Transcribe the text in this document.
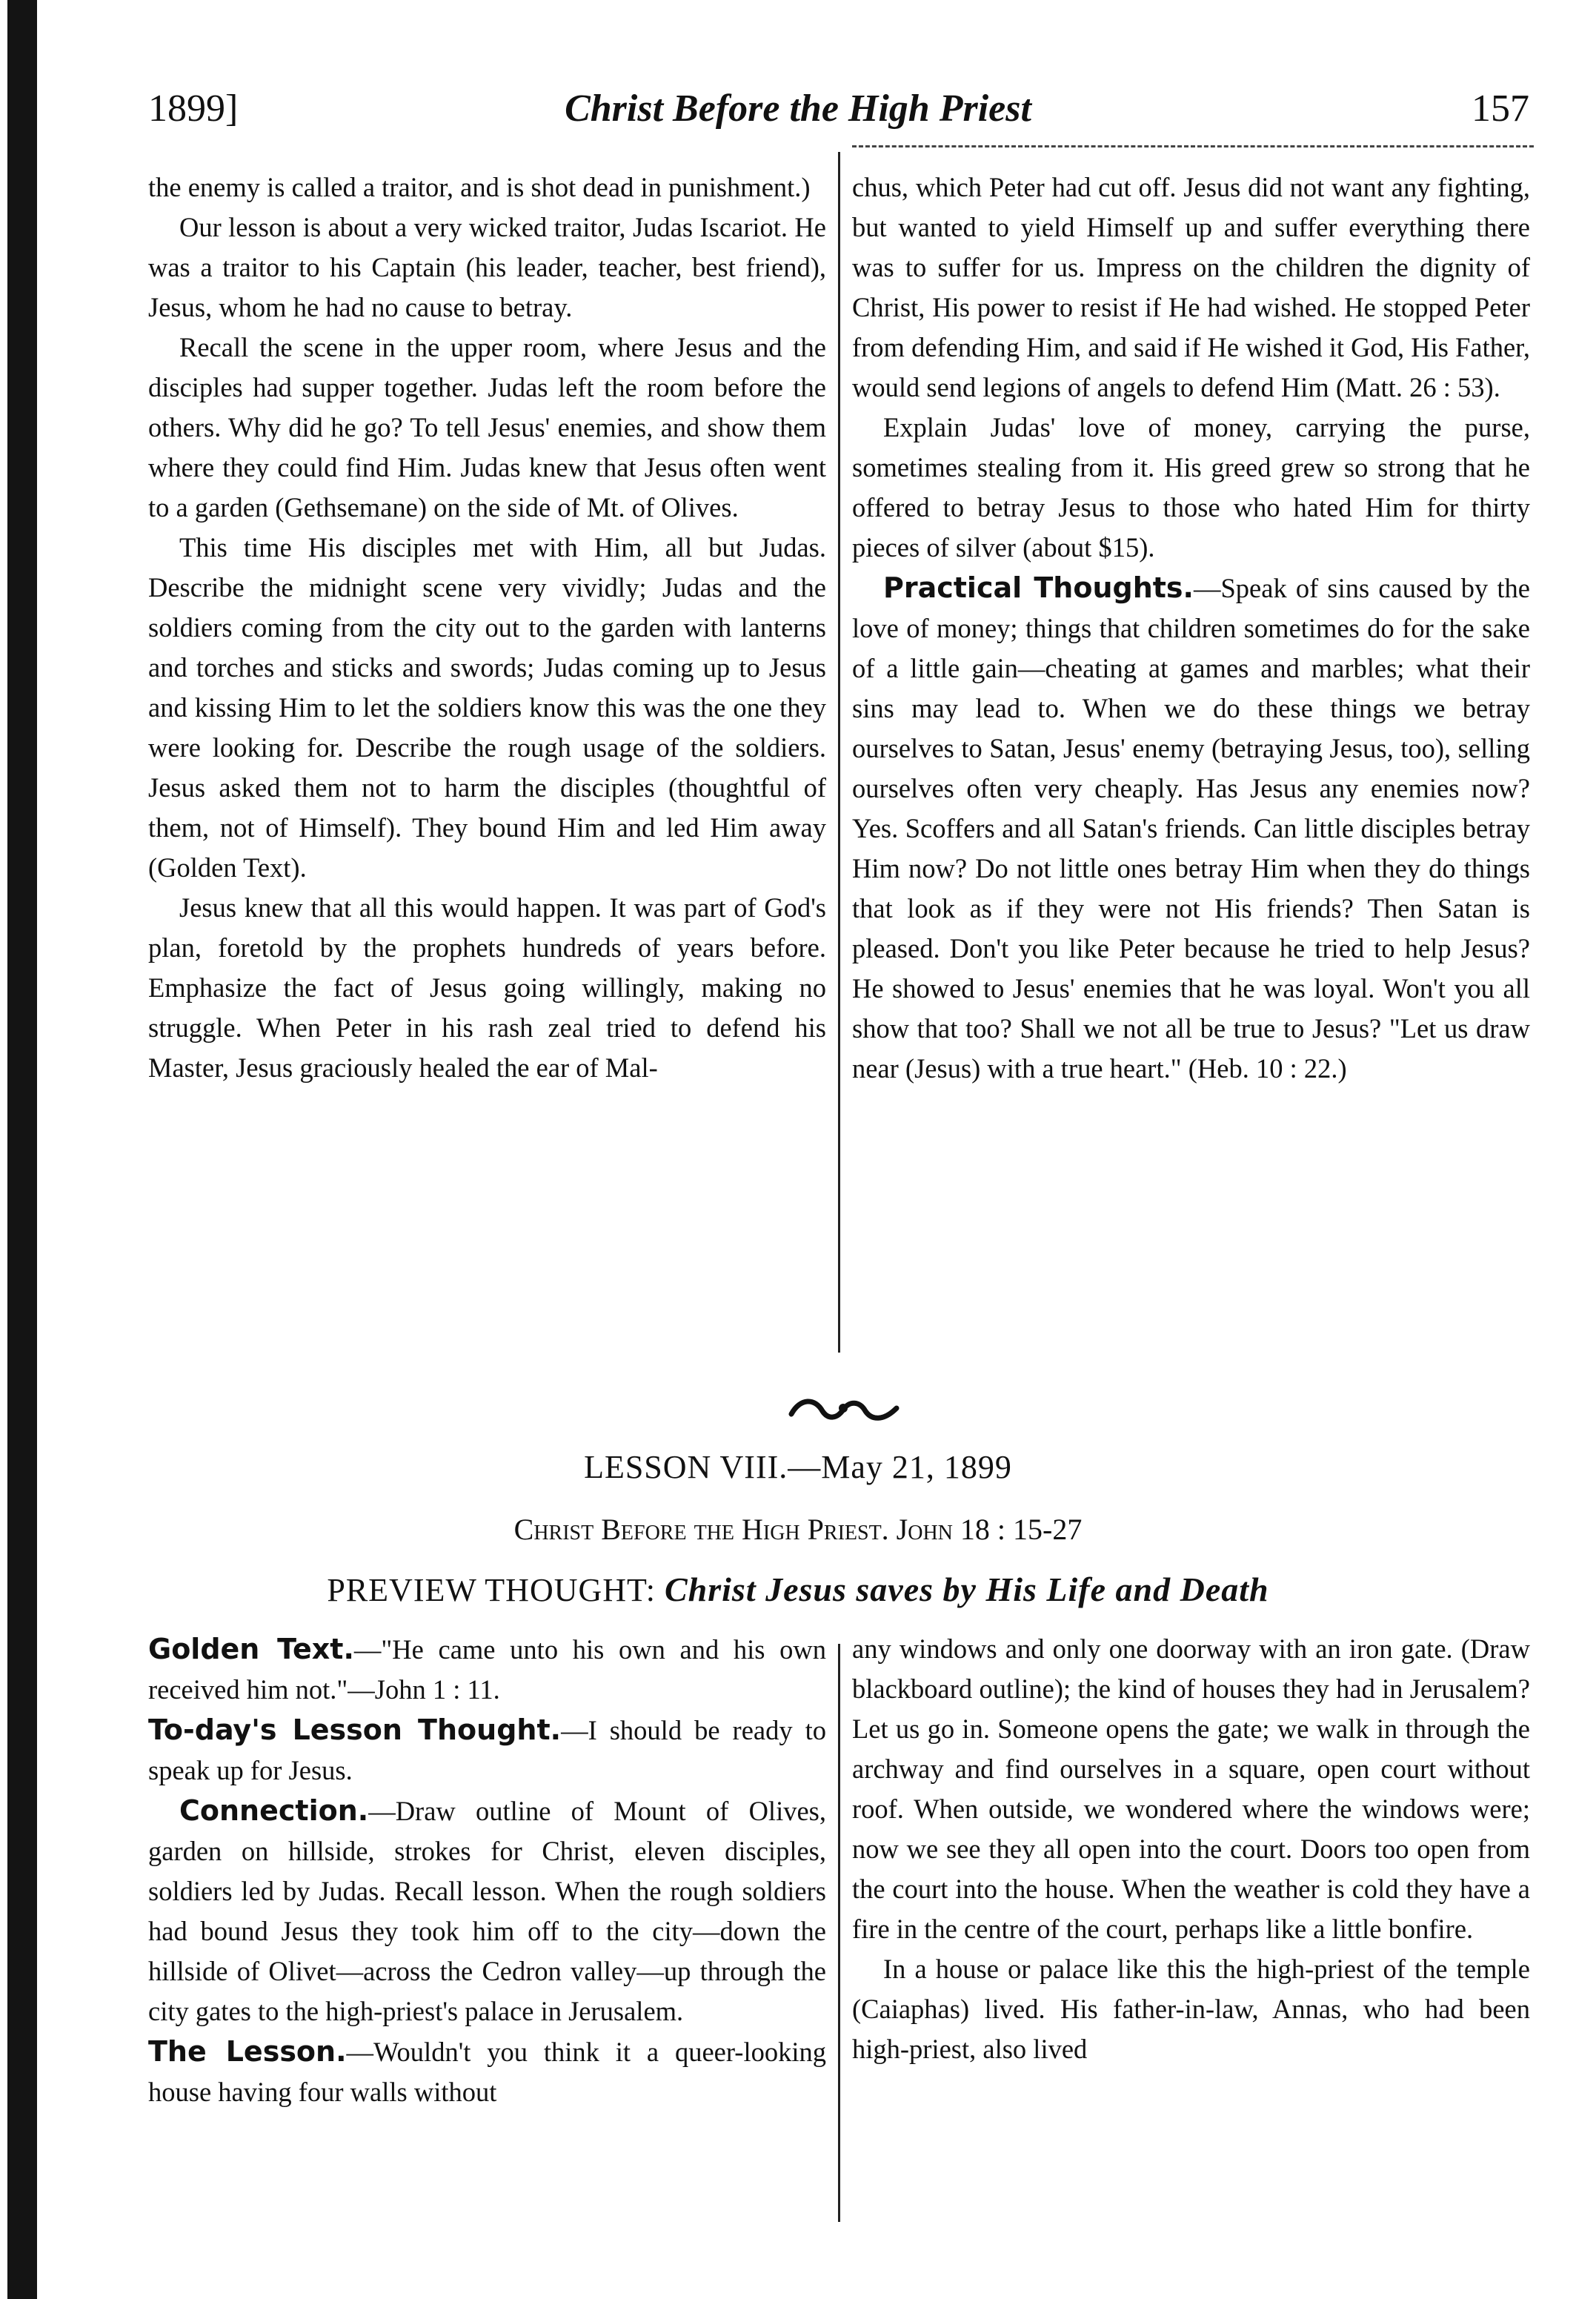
Christ Before the High Priest
1899]	157

the enemy is called a traitor, and is shot dead in punishment.)

Our lesson is about a very wicked traitor, Judas Iscariot. He was a traitor to his Captain (his leader, teacher, best friend), Jesus, whom he had no cause to betray.

Recall the scene in the upper room, where Jesus and the disciples had supper together. Judas left the room before the others. Why did he go? To tell Jesus' enemies, and show them where they could find Him. Judas knew that Jesus often went to a garden (Gethsemane) on the side of Mt. of Olives.

This time His disciples met with Him, all but Judas. Describe the midnight scene very vividly; Judas and the soldiers coming from the city out to the garden with lanterns and torches and sticks and swords; Judas coming up to Jesus and kissing Him to let the soldiers know this was the one they were looking for. Describe the rough usage of the soldiers. Jesus asked them not to harm the disciples (thoughtful of them, not of Himself). They bound Him and led Him away (Golden Text).

Jesus knew that all this would happen. It was part of God's plan, foretold by the prophets hundreds of years before. Emphasize the fact of Jesus going willingly, making no struggle. When Peter in his rash zeal tried to defend his Master, Jesus graciously healed the ear of Mal-

chus, which Peter had cut off. Jesus did not want any fighting, but wanted to yield Himself up and suffer everything there was to suffer for us. Impress on the children the dignity of Christ, His power to resist if He had wished. He stopped Peter from defending Him, and said if He wished it God, His Father, would send legions of angels to defend Him (Matt. 26 : 53).

Explain Judas' love of money, carrying the purse, sometimes stealing from it. His greed grew so strong that he offered to betray Jesus to those who hated Him for thirty pieces of silver (about $15).

Practical Thoughts.—Speak of sins caused by the love of money; things that children sometimes do for the sake of a little gain—cheating at games and marbles; what their sins may lead to. When we do these things we betray ourselves to Satan, Jesus' enemy (betraying Jesus, too), selling ourselves often very cheaply. Has Jesus any enemies now? Yes. Scoffers and all Satan's friends. Can little disciples betray Him now? Do not little ones betray Him when they do things that look as if they were not His friends? Then Satan is pleased. Don't you like Peter because he tried to help Jesus? He showed to Jesus' enemies that he was loyal. Won't you all show that too? Shall we not all be true to Jesus? "Let us draw near (Jesus) with a true heart." (Heb. 10 : 22.)

LESSON VIII.—May 21, 1899
Christ Before the High Priest. John 18 : 15-27
PREVIEW THOUGHT: Christ Jesus saves by His Life and Death

Golden Text.—"He came unto his own and his own received him not."—John 1 : 11.

To-day's Lesson Thought.—I should be ready to speak up for Jesus.

Connection.—Draw outline of Mount of Olives, garden on hillside, strokes for Christ, eleven disciples, soldiers led by Judas. Recall lesson. When the rough soldiers had bound Jesus they took him off to the city—down the hillside of Olivet—across the Cedron valley—up through the city gates to the high-priest's palace in Jerusalem.

The Lesson.—Wouldn't you think it a queer-looking house having four walls without

any windows and only one doorway with an iron gate. (Draw blackboard outline); the kind of houses they had in Jerusalem? Let us go in. Someone opens the gate; we walk in through the archway and find ourselves in a square, open court without roof. When outside, we wondered where the windows were; now we see they all open into the court. Doors too open from the court into the house. When the weather is cold they have a fire in the centre of the court, perhaps like a little bonfire.

In a house or palace like this the high-priest of the temple (Caiaphas) lived. His father-in-law, Annas, who had been high-priest, also lived
